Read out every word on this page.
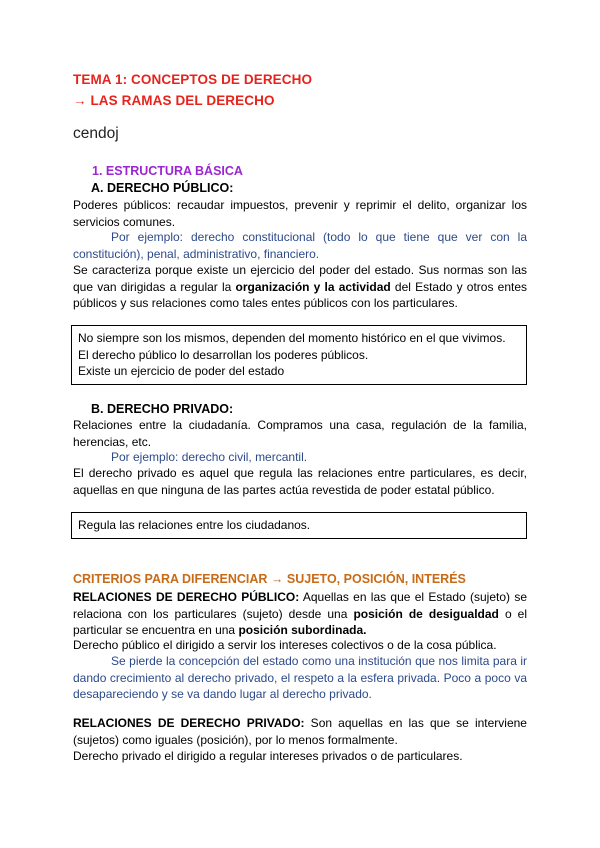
TEMA 1: CONCEPTOS DE DERECHO
→ LAS RAMAS DEL DERECHO
cendoj
1. ESTRUCTURA BÁSICA
A. DERECHO PÚBLICO:

Poderes públicos: recaudar impuestos, prevenir y reprimir el delito, organizar los servicios comunes.

Por ejemplo: derecho constitucional (todo lo que tiene que ver con la constitución), penal, administrativo, financiero.

Se caracteriza porque existe un ejercicio del poder del estado. Sus normas son las que van dirigidas a regular la organización y la actividad del Estado y otros entes públicos y sus relaciones como tales entes públicos con los particulares.

No siempre son los mismos, dependen del momento histórico en el que vivimos.
El derecho público lo desarrollan los poderes públicos.
Existe un ejercicio de poder del estado
B. DERECHO PRIVADO:

Relaciones entre la ciudadanía. Compramos una casa, regulación de la familia, herencias, etc.

Por ejemplo: derecho civil, mercantil.

El derecho privado es aquel que regula las relaciones entre particulares, es decir, aquellas en que ninguna de las partes actúa revestida de poder estatal público.

Regula las relaciones entre los ciudadanos.
CRITERIOS PARA DIFERENCIAR → SUJETO, POSICIÓN, INTERÉS

RELACIONES DE DERECHO PÚBLICO: Aquellas en las que el Estado (sujeto) se relaciona con los particulares (sujeto) desde una posición de desigualdad o el particular se encuentra en una posición subordinada.

Derecho público el dirigido a servir los intereses colectivos o de la cosa pública.

Se pierde la concepción del estado como una institución que nos limita para ir dando crecimiento al derecho privado, el respeto a la esfera privada. Poco a poco va desapareciendo y se va dando lugar al derecho privado.

RELACIONES DE DERECHO PRIVADO: Son aquellas en las que se interviene (sujetos) como iguales (posición), por lo menos formalmente.

Derecho privado el dirigido a regular intereses privados o de particulares.
